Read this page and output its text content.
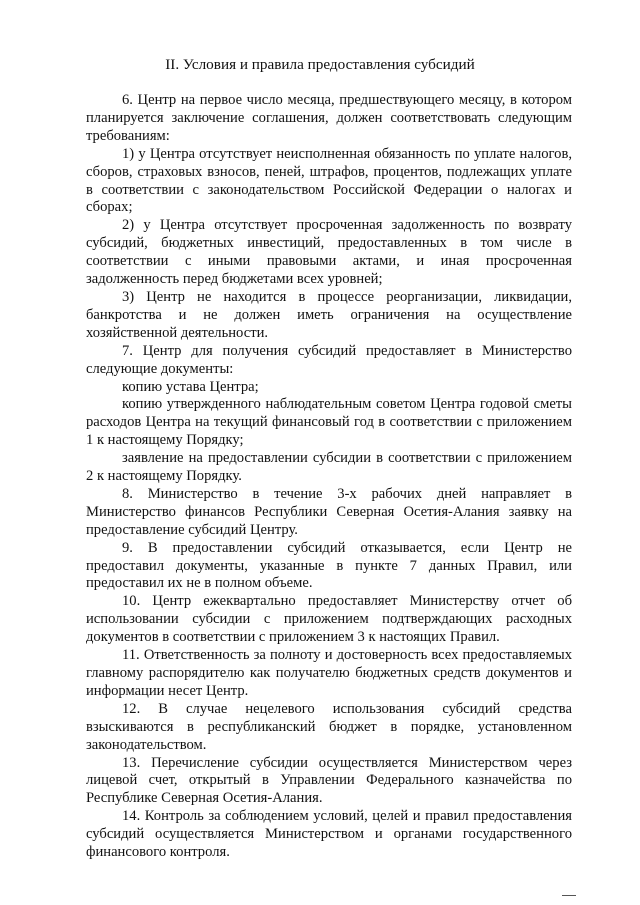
II. Условия и правила предоставления субсидий

6. Центр на первое число месяца, предшествующего месяцу, в котором планируется заключение соглашения, должен соответствовать следующим требованиям:

1) у Центра отсутствует неисполненная обязанность по уплате налогов, сборов, страховых взносов, пеней, штрафов, процентов, подлежащих уплате в соответствии с законодательством Российской Федерации о налогах и сборах;

2) у Центра отсутствует просроченная задолженность по возврату субсидий, бюджетных инвестиций, предоставленных в том числе в соответствии с иными правовыми актами, и иная просроченная задолженность перед бюджетами всех уровней;

3) Центр не находится в процессе реорганизации, ликвидации, банкротства и не должен иметь ограничения на осуществление хозяйственной деятельности.

7. Центр для получения субсидий предоставляет в Министерство следующие документы:

копию устава Центра;

копию утвержденного наблюдательным советом Центра годовой сметы расходов Центра на текущий финансовый год в соответствии с приложением 1 к настоящему Порядку;

заявление на предоставлении субсидии в соответствии с приложением 2 к настоящему Порядку.

8. Министерство в течение 3-х рабочих дней направляет в Министерство финансов Республики Северная Осетия-Алания заявку на предоставление субсидий Центру.

9. В предоставлении субсидий отказывается, если Центр не предоставил документы, указанные в пункте 7 данных Правил, или предоставил их не в полном объеме.

10. Центр ежеквартально предоставляет Министерству отчет об использовании субсидии с приложением подтверждающих расходных документов в соответствии с приложением 3 к настоящих Правил.

11. Ответственность за полноту и достоверность всех предоставляемых главному распорядителю как получателю бюджетных средств документов и информации несет Центр.

12. В случае нецелевого использования субсидий средства взыскиваются в республиканский бюджет в порядке, установленном законодательством.

13. Перечисление субсидии осуществляется Министерством через лицевой счет, открытый в Управлении Федерального казначейства по Республике Северная Осетия-Алания.

14. Контроль за соблюдением условий, целей и правил предоставления субсидий осуществляется Министерством и органами государственного финансового контроля.
